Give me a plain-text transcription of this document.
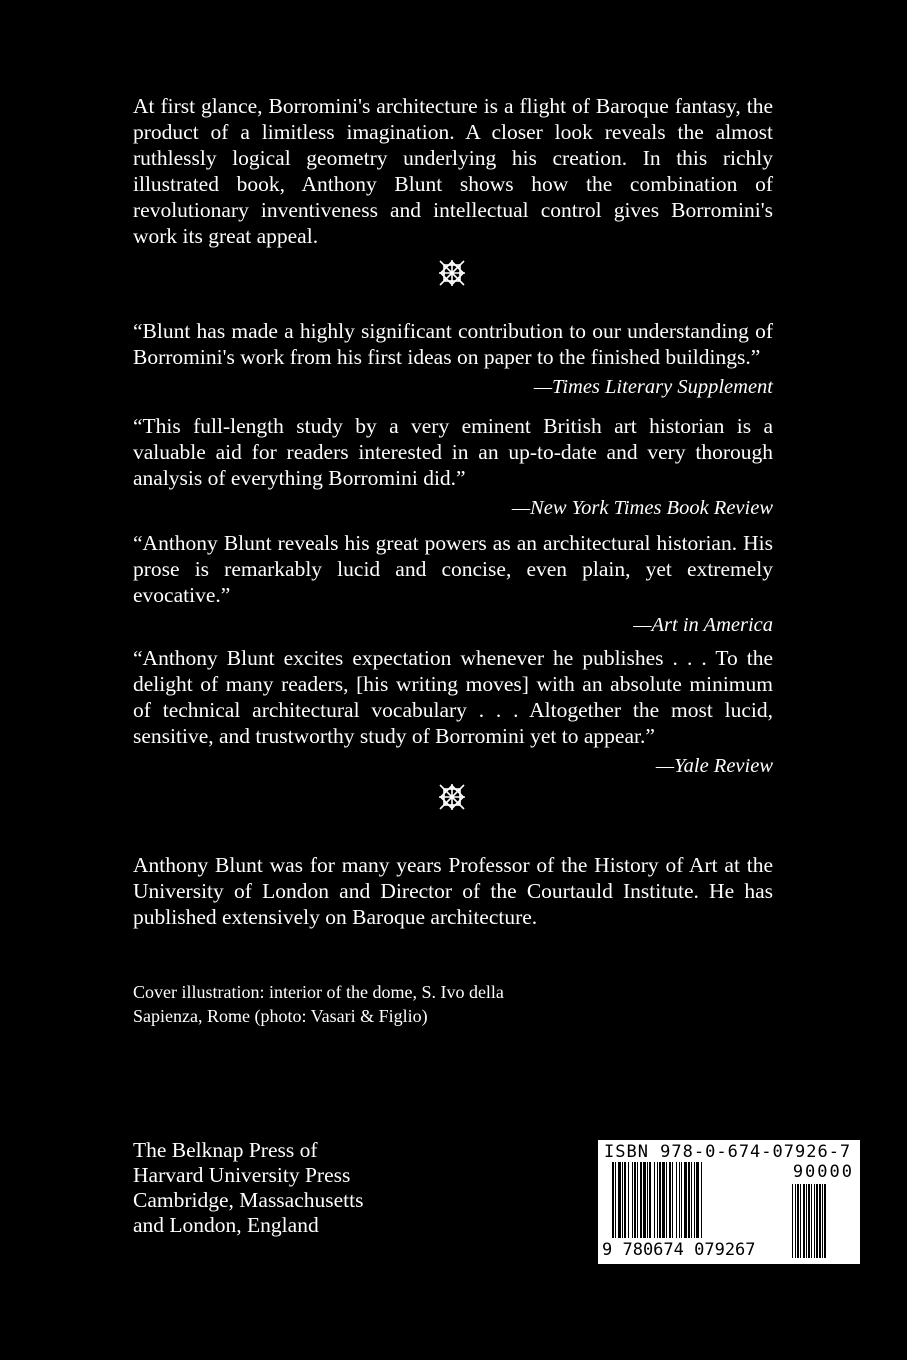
At first glance, Borromini's architecture is a flight of Baroque fantasy, the product of a limitless imagination. A closer look reveals the almost ruthlessly logical geometry underlying his creation. In this richly illustrated book, Anthony Blunt shows how the combination of revolutionary inventiveness and intellectual control gives Borromini's work its great appeal.

“Blunt has made a highly significant contribution to our understanding of Borromini's work from his first ideas on paper to the finished buildings.”

—Times Literary Supplement

“This full-length study by a very eminent British art historian is a valuable aid for readers interested in an up-to-date and very thorough analysis of everything Borromini did.”

—New York Times Book Review

“Anthony Blunt reveals his great powers as an architectural historian. His prose is remarkably lucid and concise, even plain, yet extremely evocative.”

—Art in America

“Anthony Blunt excites expectation whenever he publishes . . . To the delight of many readers, [his writing moves] with an absolute minimum of technical architectural vocabulary . . . Altogether the most lucid, sensitive, and trustworthy study of Borromini yet to appear.”

—Yale Review

Anthony Blunt was for many years Professor of the History of Art at the University of London and Director of the Courtauld Institute. He has published extensively on Baroque architecture.

Cover illustration: interior of the dome, S. Ivo della Sapienza, Rome (photo: Vasari & Figlio)
The Belknap Press of
Harvard University Press
Cambridge, Massachusetts
and London, England
ISBN 978-0-674-07926-7
90000
9 780674 079267
